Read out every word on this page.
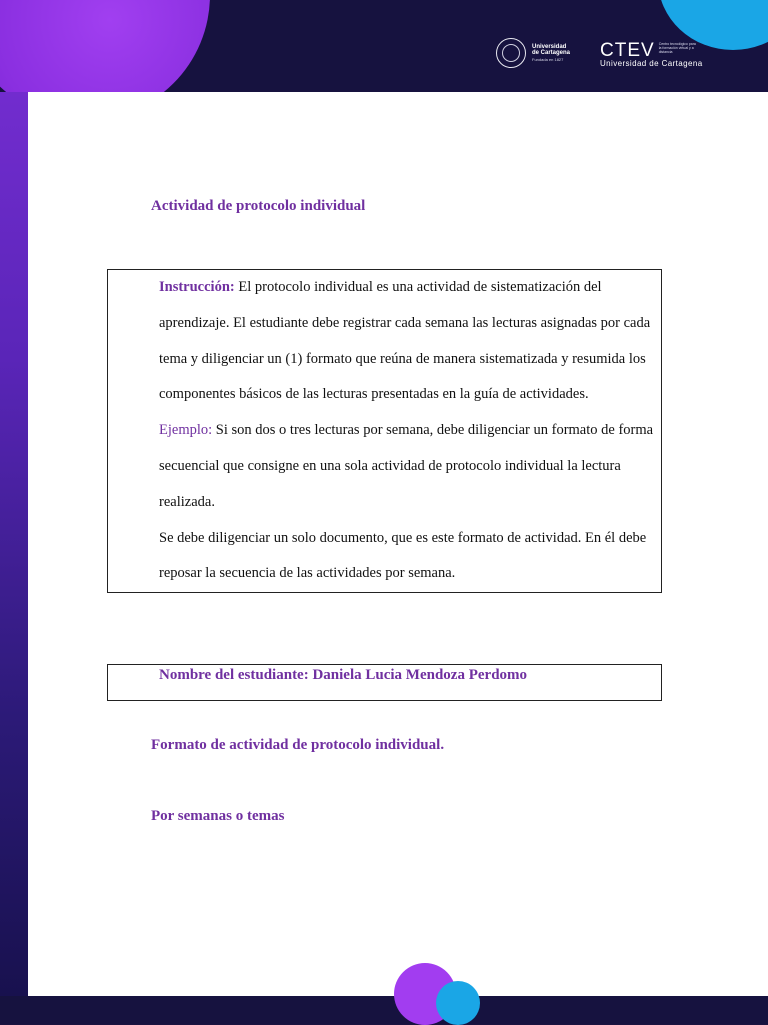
Universidad
de Cartagena
Fundada en 1827	CTEV Centro tecnológico para la formación virtual y a distancia
Universidad de Cartagena
Actividad de protocolo individual

Instrucción: El protocolo individual es una actividad de sistematización del aprendizaje. El estudiante debe registrar cada semana las lecturas asignadas por cada tema y diligenciar un (1) formato que reúna de manera sistematizada y resumida los componentes básicos de las lecturas presentadas en la guía de actividades.

Ejemplo: Si son dos o tres lecturas por semana, debe diligenciar un formato de forma secuencial que consigne en una sola actividad de protocolo individual la lectura realizada.

Se debe diligenciar un solo documento, que es este formato de actividad. En él debe reposar la secuencia de las actividades por semana.

Nombre del estudiante: Daniela Lucia Mendoza Perdomo

Formato de actividad de protocolo individual.
Por semanas o temas
